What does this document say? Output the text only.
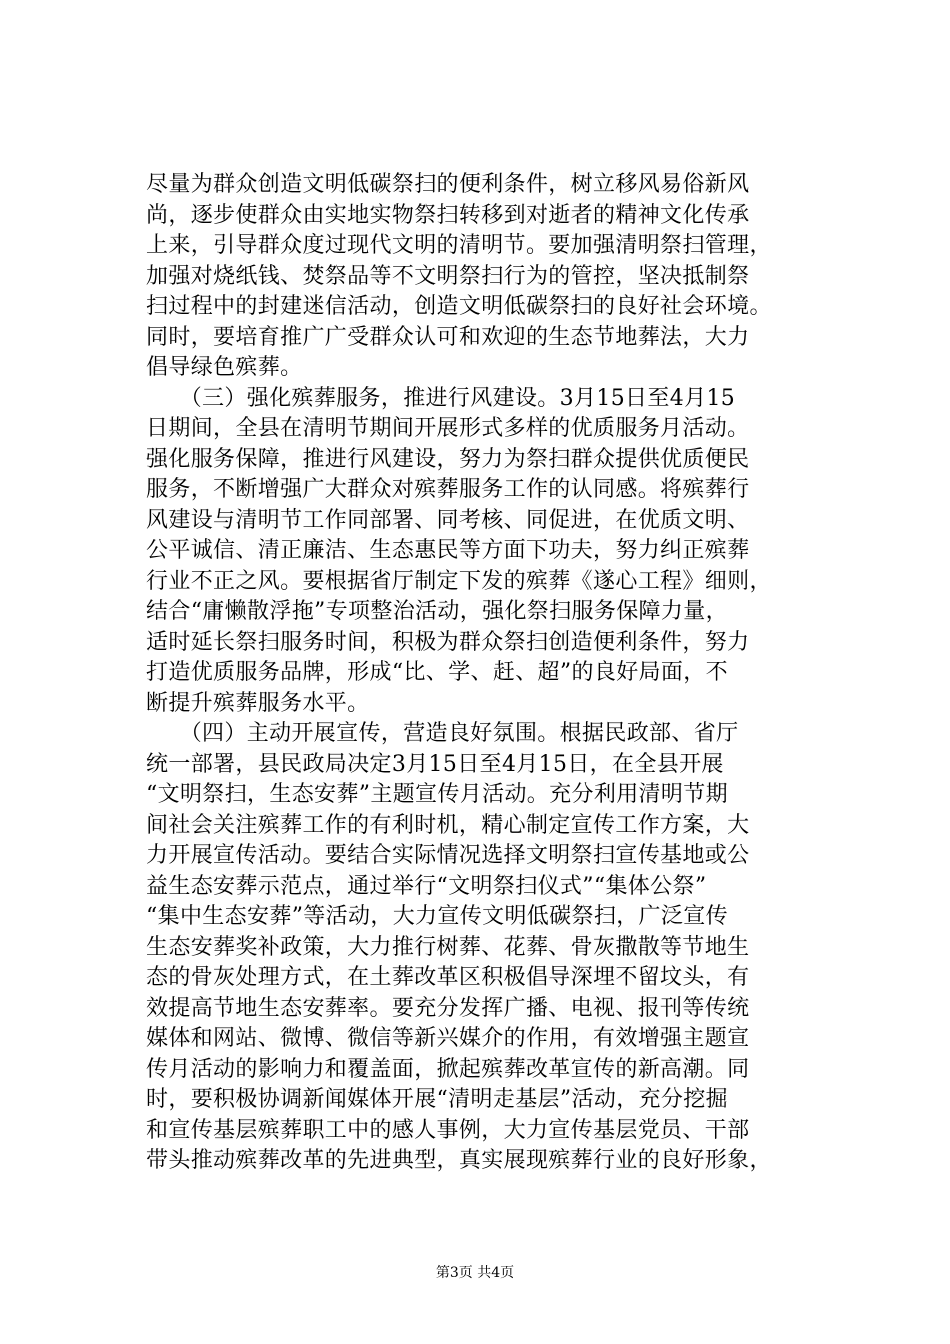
尽量为群众创造文明低碳祭扫的便利条件，树立移风易俗新风
尚，逐步使群众由实地实物祭扫转移到对逝者的精神文化传承
上来，引导群众度过现代文明的清明节。要加强清明祭扫管理，
加强对烧纸钱、焚祭品等不文明祭扫行为的管控，坚决抵制祭
扫过程中的封建迷信活动，创造文明低碳祭扫的良好社会环境。
同时，要培育推广广受群众认可和欢迎的生态节地葬法，大力
倡导绿色殡葬。
　　（三）强化殡葬服务，推进行风建设。3月15日至4月15
日期间，全县在清明节期间开展形式多样的优质服务月活动。
强化服务保障，推进行风建设，努力为祭扫群众提供优质便民
服务，不断增强广大群众对殡葬服务工作的认同感。将殡葬行
风建设与清明节工作同部署、同考核、同促进，在优质文明、
公平诚信、清正廉洁、生态惠民等方面下功夫，努力纠正殡葬
行业不正之风。要根据省厅制定下发的殡葬《遂心工程》细则，
结合“庸懒散浮拖”专项整治活动，强化祭扫服务保障力量，
适时延长祭扫服务时间，积极为群众祭扫创造便利条件，努力
打造优质服务品牌，形成“比、学、赶、超”的良好局面，不
断提升殡葬服务水平。
　　（四）主动开展宣传，营造良好氛围。根据民政部、省厅
统一部署，县民政局决定3月15日至4月15日，在全县开展
“文明祭扫，生态安葬”主题宣传月活动。充分利用清明节期
间社会关注殡葬工作的有利时机，精心制定宣传工作方案，大
力开展宣传活动。要结合实际情况选择文明祭扫宣传基地或公
益生态安葬示范点，通过举行“文明祭扫仪式”“集体公祭”
“集中生态安葬”等活动，大力宣传文明低碳祭扫，广泛宣传
生态安葬奖补政策，大力推行树葬、花葬、骨灰撒散等节地生
态的骨灰处理方式，在土葬改革区积极倡导深埋不留坟头，有
效提高节地生态安葬率。要充分发挥广播、电视、报刊等传统
媒体和网站、微博、微信等新兴媒介的作用，有效增强主题宣
传月活动的影响力和覆盖面，掀起殡葬改革宣传的新高潮。同
时，要积极协调新闻媒体开展“清明走基层”活动，充分挖掘
和宣传基层殡葬职工中的感人事例，大力宣传基层党员、干部
带头推动殡葬改革的先进典型，真实展现殡葬行业的良好形象，
第3页 共4页
